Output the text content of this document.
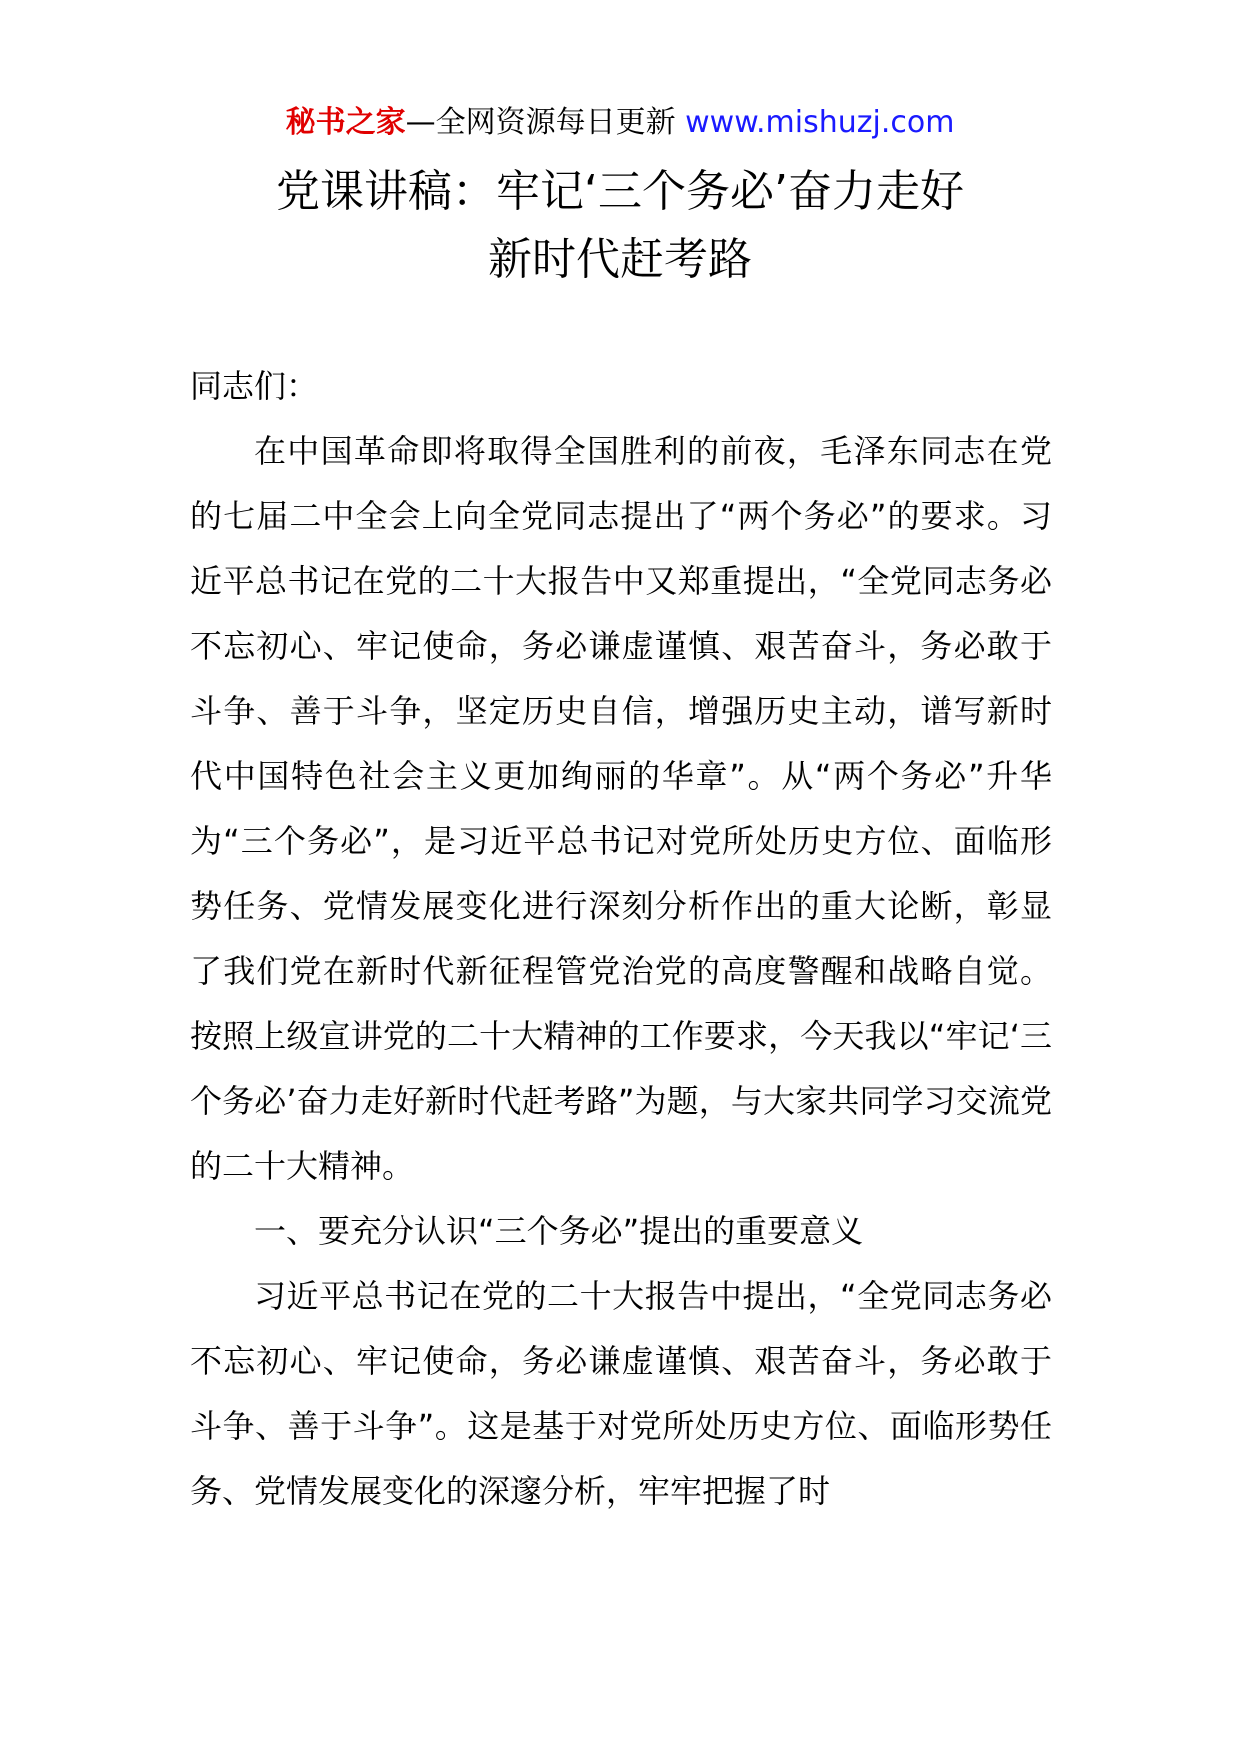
秘书之家—全网资源每日更新 www.mishuzj.com
党课讲稿：牢记‘三个务必’奋力走好
新时代赶考路

同志们：

在中国革命即将取得全国胜利的前夜，毛泽东同志在党的七届二中全会上向全党同志提出了“两个务必”的要求。习近平总书记在党的二十大报告中又郑重提出，“全党同志务必不忘初心、牢记使命，务必谦虚谨慎、艰苦奋斗，务必敢于斗争、善于斗争，坚定历史自信，增强历史主动，谱写新时代中国特色社会主义更加绚丽的华章”。从“两个务必”升华为“三个务必”，是习近平总书记对党所处历史方位、面临形势任务、党情发展变化进行深刻分析作出的重大论断，彰显了我们党在新时代新征程管党治党的高度警醒和战略自觉。按照上级宣讲党的二十大精神的工作要求，今天我以“牢记‘三个务必’奋力走好新时代赶考路”为题，与大家共同学习交流党的二十大精神。

一、要充分认识“三个务必”提出的重要意义

习近平总书记在党的二十大报告中提出，“全党同志务必不忘初心、牢记使命，务必谦虚谨慎、艰苦奋斗，务必敢于斗争、善于斗争”。这是基于对党所处历史方位、面临形势任务、党情发展变化的深邃分析，牢牢把握了时
